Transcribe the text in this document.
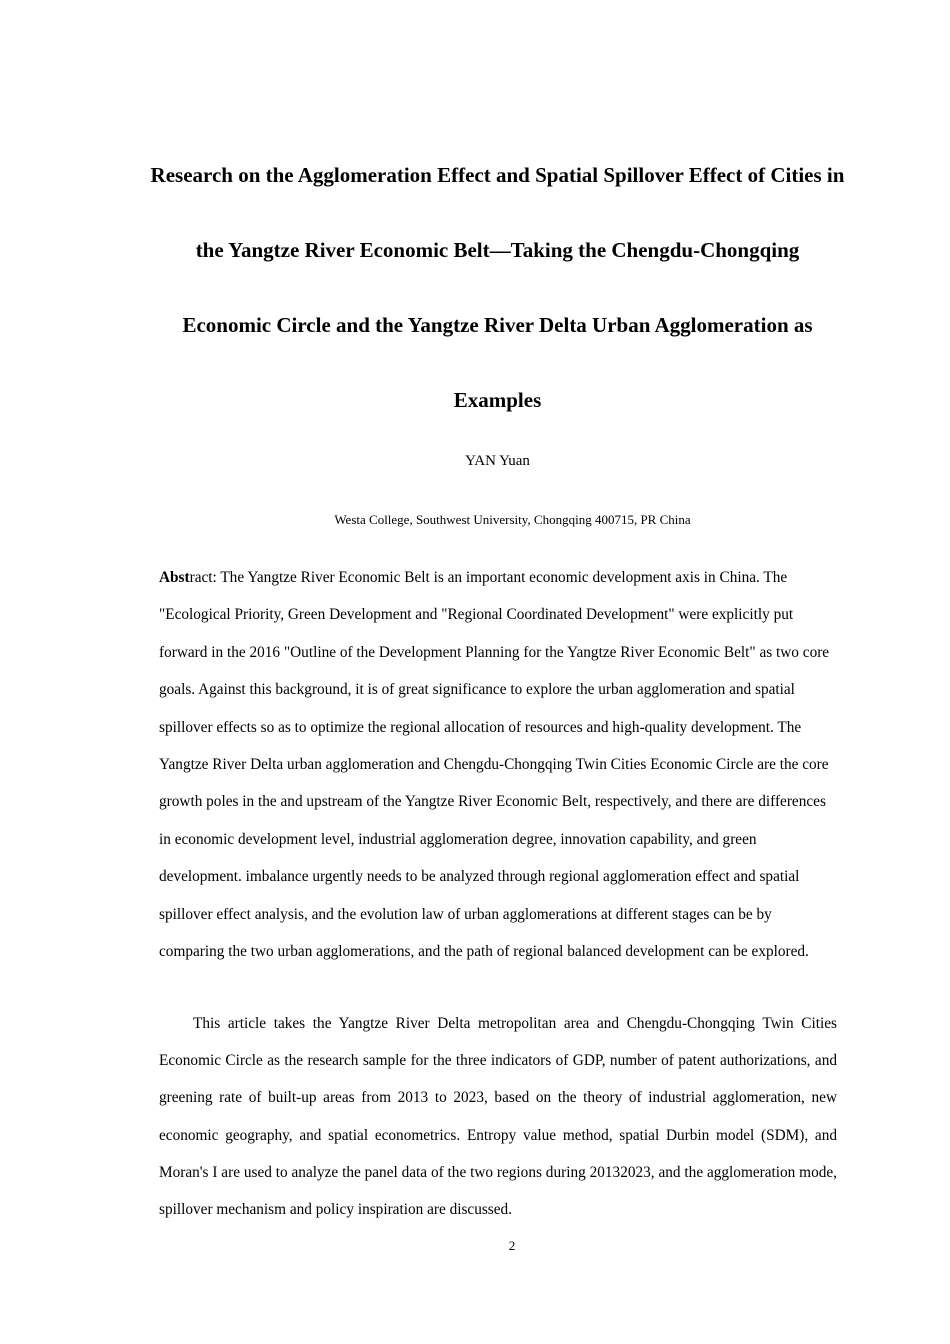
Research on the Agglomeration Effect and Spatial Spillover Effect of Cities in the Yangtze River Economic Belt—Taking the Chengdu-Chongqing Economic Circle and the Yangtze River Delta Urban Agglomeration as Examples

YAN Yuan

Westa College, Southwest University, Chongqing 400715, PR China

Abstract: The Yangtze River Economic Belt is an important economic development axis in China. The "Ecological Priority, Green Development and "Regional Coordinated Development" were explicitly put forward in the 2016 "Outline of the Development Planning for the Yangtze River Economic Belt" as two core goals. Against this background, it is of great significance to explore the urban agglomeration and spatial spillover effects so as to optimize the regional allocation of resources and high-quality development. The Yangtze River Delta urban agglomeration and Chengdu-Chongqing Twin Cities Economic Circle are the core growth poles in the and upstream of the Yangtze River Economic Belt, respectively, and there are differences in economic development level, industrial agglomeration degree, innovation capability, and green development. imbalance urgently needs to be analyzed through regional agglomeration effect and spatial spillover effect analysis, and the evolution law of urban agglomerations at different stages can be by comparing the two urban agglomerations, and the path of regional balanced development can be explored.

This article takes the Yangtze River Delta metropolitan area and Chengdu-Chongqing Twin Cities Economic Circle as the research sample for the three indicators of GDP, number of patent authorizations, and greening rate of built-up areas from 2013 to 2023, based on the theory of industrial agglomeration, new economic geography, and spatial econometrics. Entropy value method, spatial Durbin model (SDM), and Moran's I are used to analyze the panel data of the two regions during 20132023, and the agglomeration mode, spillover mechanism and policy inspiration are discussed.

2
